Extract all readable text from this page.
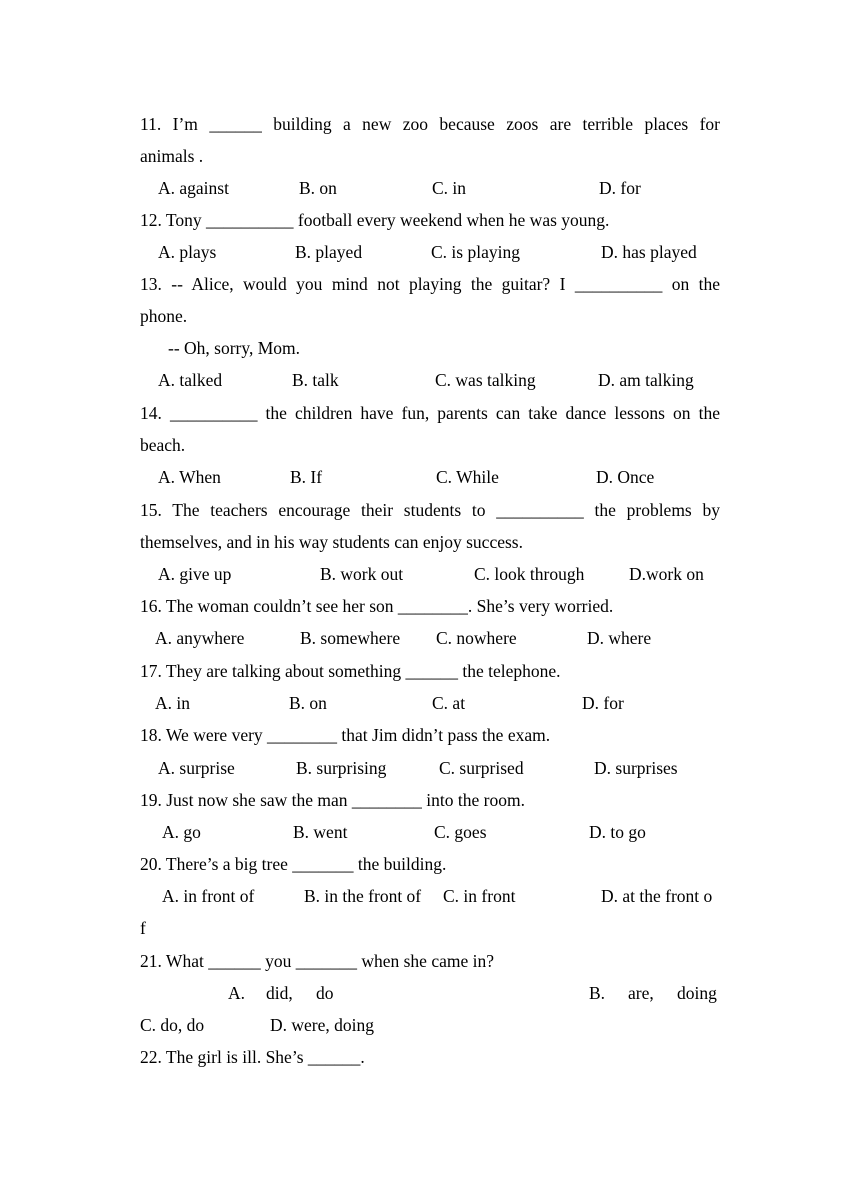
11. I’m ______ building a new zoo because zoos are terrible places for
animals .
A. against	B. on	C. in	D. for
12. Tony __________ football every weekend when he was young.
A. plays	B. played	C. is playing	D. has played
13. -- Alice, would you mind not playing the guitar? I __________ on the
phone.
-- Oh, sorry, Mom.
A. talked	B. talk	C. was talking	D. am talking
14. __________ the children have fun, parents can take dance lessons on the
beach.
A. When	B. If	C. While	D. Once
15. The teachers encourage their students to __________ the problems by
themselves, and in his way students can enjoy success.
A. give up	B. work out	C. look through	D.work on
16. The woman couldn’t see her son ________. She’s very worried.
A. anywhere	B. somewhere C. nowhere	D. where
17. They are talking about something ______ the telephone.
A. in	B. on	C. at	D. for
18. We were very ________ that Jim didn’t pass the exam.
A. surprise	B. surprising	C. surprised	D. surprises
19. Just now she saw the man ________ into the room.
A. go	B. went	C. goes	D. to go
20. There’s a big tree _______ the building.
A. in front of	B. in the front of C. in front	D. at the front o
f
21. What ______ you _______ when she came in?
A. did, do	B. are, doing
C. do, do	D. were, doing
22. The girl is ill. She’s ______.
